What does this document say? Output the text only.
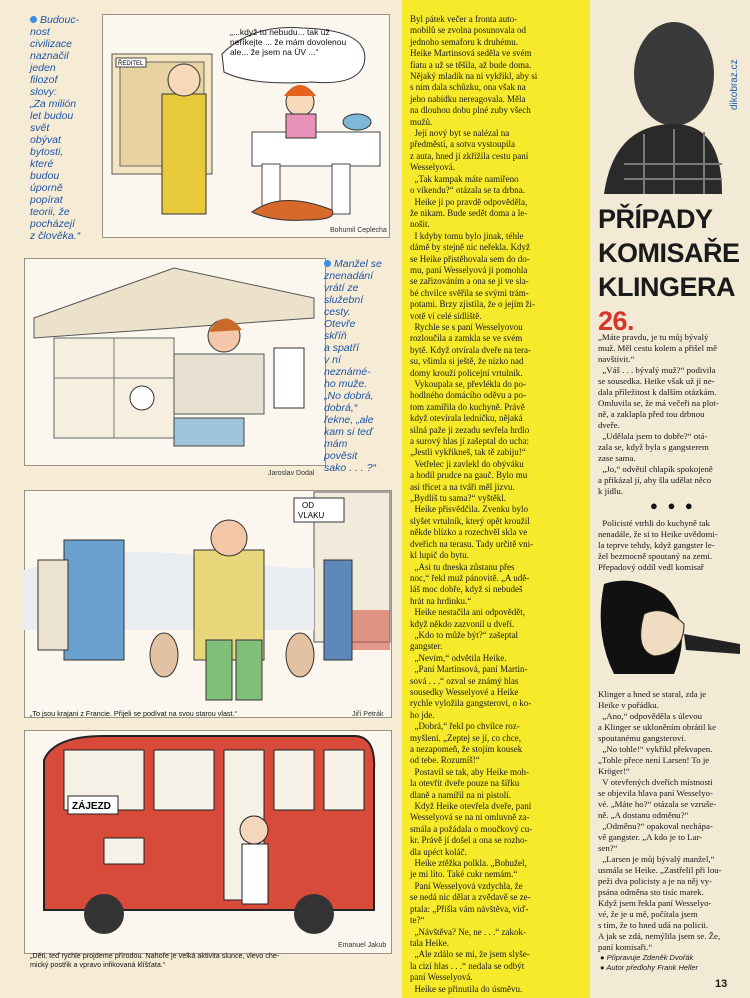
Budouc-
nost
civilizace
naznačil
jeden
filozof
slovy:
„Za milión
let budou
svět
obývat
bytosti,
které
budou
úporně
popírat
teorii, že
pocházejí
z člověka.“
ŘEDITEL
Bohumil Ceplecha
„...když tu nebudu... tak už
neříkejte ... že mám dovolenou
ale... že jsem na ÚV ...“
Manžel se
znenadání
vrátí ze
služební
cesty.
Otevře
skříň
a spatří
v ní
neznámé-
ho muže.
„No dobrá,
dobrá,“
řekne, „ale
kam si teď
mám
pověsit
sako . . . ?“
Jaroslav Dodal
OD
VLAKU
„To jsou krajani z Francie. Přijeli se podívat na svou starou vlast.“	Jiří Petrák
ZÁJEZD
Emanuel Jakub
„Děti, teď rychle projdeme přírodou. Nahoře je velká aktivita slunce, vlevo che-
mický postřik a vpravo infikovaná klíšťata.“
Byl pátek večer a fronta auto-
mobilů se zvolna posunovala od
jednoho semaforu k druhému.
Heike Martinsová seděla ve svém
fiatu a už se těšila, až bude doma.
Nějaký mladík na ni vykřikl, aby si
s ním dala schůzku, ona však na
jeho nabídku nereagovala. Měla
na dlouhou dobu plné zuby všech
mužů.
Její nový byt se nalézal na
předměstí, a sotva vystoupila
z auta, hned jí zkřížila cestu paní
Wesselyová.
„Tak kampak máte namířeno
o víkendu?“ otázala se ta drbna.
Heike jí po pravdě odpověděla,
že nikam. Bude sedět doma a le-
nošit.
I kdyby tomu bylo jinak, téhle
dámě by stejně nic neřekla. Když
se Heike přistěhovala sem do do-
mu, paní Wesselyová jí pomohla
se zařizováním a ona se jí ve sla-
bé chvilce svěřila se svými trám-
potami. Brzy zjistila, že o jejím ži-
votě ví celé sídliště.
Rychle se s paní Wesselyovou
rozloučila a zamkla se ve svém
bytě. Když otvírala dveře na tera-
su, všimla si ještě, že nízko nad
domy krouží policejní vrtulník.
Vykoupala se, převlékla do po-
hodlného domácího oděvu a po-
tom zamířila do kuchyně. Právě
když otevírala ledničku, nějaká
silná paže ji zezadu sevřela hrdlo
a surový hlas jí zašeptal do ucha:
„Jestli vykřikneš, tak tě zabiju!“
Vetřelec ji zavlekl do obýváku
a hodil prudce na gauč. Bylo mu
asi třicet a na tváři měl jizvu.
„Bydlíš tu sama?“ vyštěkl.
Heike přisvědčila. Zvenku bylo
slyšet vrtulník, který opět kroužil
někde blízko a rozechvěl skla ve
dveřích na terasu. Tady určitě vni-
kl lupič do bytu.
„Asi tu dneska zůstanu přes
noc,“ řekl muž pánovitě. „A udě-
láš moc dobře, když si nebudeš
hrát na hrdinku.“
Heike nestačila ani odpovědět,
když někdo zazvonil u dveří.
„Kdo to může být?“ zašeptal
gangster.
„Nevím,“ odvětila Heike.
„Paní Martinsová, paní Martin-
sová . . .“ ozval se známý hlas
sousedky Wesselyové a Heike
rychle vyložila gangsterovi, o ko-
ho jde.
„Dobrá,“ řekl po chvilce roz-
myšlení. „Zeptej se jí, co chce,
a nezapomeň, že stojím kousek
od tebe. Rozumíš!“
Postavil se tak, aby Heike moh-
la otevřít dveře pouze na šířku
dlaně a namířil na ni pistolí.
Když Heike otevřela dveře, paní
Wesselyová se na ni omluvně za-
smála a požádala o moučkový cu-
kr. Právě jí došel a ona se rozho-
dla upéct koláč.
Heike ztěžka polkla. „Bohužel,
je mi líto. Také cukr nemám.“
Paní Wesselyová vzdychla, že
se nedá nic dělat a zvědavě se ze-
ptala: „Přišla vám návštěva, viď-
te?“
„Návštěva? Ne, ne . . .“ zakok-
tala Heike.
„Ale zdálo se mi, že jsem slyše-
la cizí hlas . . .“ nedala se odbýt
paní Wesselyová.
Heike se přinutila do úsměvu.
dikobraz.cz
PŘÍPADY
KOMISAŘE
KLINGERA 26.
„Máte pravdu, je tu můj bývalý
muž. Měl cestu kolem a přišel mě
navštívit.“
„Váš . . . bývalý muž?“ podivila
se sousedka. Heike však už jí ne-
dala příležitost k dalším otázkám.
Omluvila se, že má večeři na plot-
ně, a zaklapla před tou drbnou
dveře.
„Udělala jsem to dobře?“ otá-
zala se, když byla s gangsterem
zase sama.
„Jo,“ odvětil chlapík spokojeně
a přikázal jí, aby šla udělat něco
k jídlu.
● ● ●
Policisté vtrhli do kuchyně tak
nenadále, že si to Heike uvědomi-
la teprve tehdy, když gangster le-
žel bezmocně spoutaný na zemi.
Přepadový oddíl vedl komisař
Klinger a hned se staral, zda je
Heike v pořádku.
„Ano,“ odpověděla s úlevou
a Klinger se ukloněním obrátil ke
spoutanému gangsterovi.
„No tohle!“ vykřikl překvapen.
„Tohle přece není Larsen! To je
Kröger!“
V otevřených dveřích místnosti
se objevila hlava paní Wesselyo-
vé. „Máte ho?“ otázala se vzruše-
ně. „A dostanu odměnu?“
„Odměnu?“ opakoval nechápa-
vě gangster. „A kdo je to Lar-
sen?“
„Larsen je můj bývalý manžel,“
usmála se Heike. „Zastřelil při lou-
peži dva policisty a je na něj vy-
psána odměna sto tisíc marek.
Když jsem řekla paní Wesselyo-
vé, že je u mě, počítala jsem
s tím, že to hned udá na policii.
A jak se zdá, nemýlila jsem se. Že,
paní komisaři.“
● Připravuje Zdeněk Dvořák
● Autor předlohy Frank Heller
13
